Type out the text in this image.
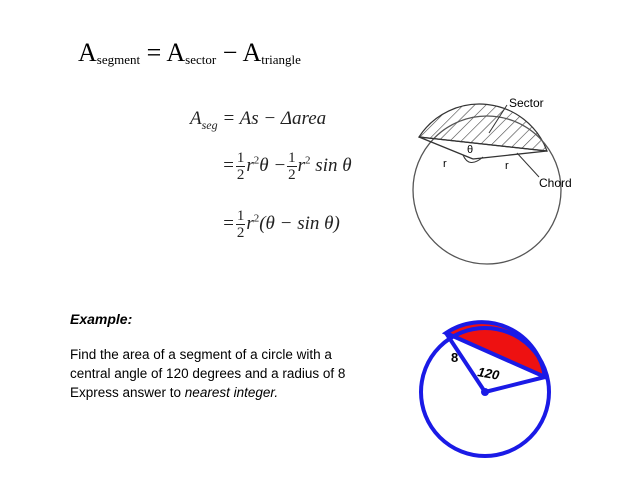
$A_{segment} = A_{sector} - A_{triangle}$
$A_{seg} = As$ − Δarea
= $\frac{1}{2} r^2\theta - \frac{1}{2} r^2$ sin θ
= $\frac{1}{2} r^2(\theta - \sin \theta)$
Sector
Chord
r	r
θ
Example:
Find the area of a segment of a circle with a central angle of 120 degrees and a radius of 8 Express answer to nearest integer.
8
120
